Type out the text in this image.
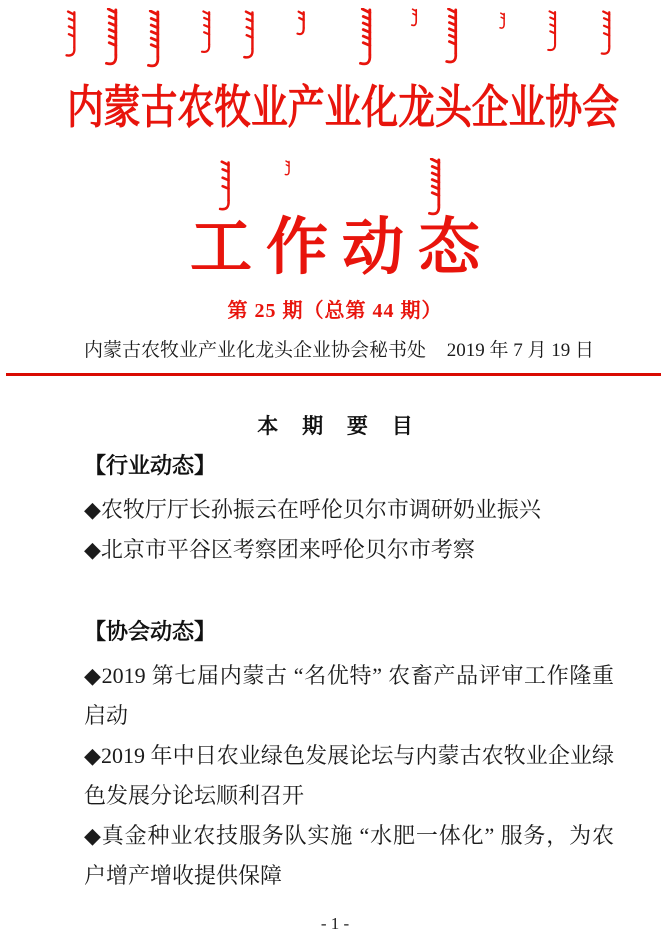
内蒙古农牧业产业化龙头企业协会
工作动态
第 25 期（总第 44 期）
内蒙古农牧业产业化龙头企业协会秘书处 2019 年 7 月 19 日
本 期 要 目
【行业动态】
◆农牧厅厅长孙振云在呼伦贝尔市调研奶业振兴
◆北京市平谷区考察团来呼伦贝尔市考察
【协会动态】
◆2019 第七届内蒙古 “名优特” 农畜产品评审工作隆重启动
◆2019 年中日农业绿色发展论坛与内蒙古农牧业企业绿色发展分论坛顺利召开
◆真金种业农技服务队实施 “水肥一体化” 服务，为农户增产增收提供保障
- 1 -
